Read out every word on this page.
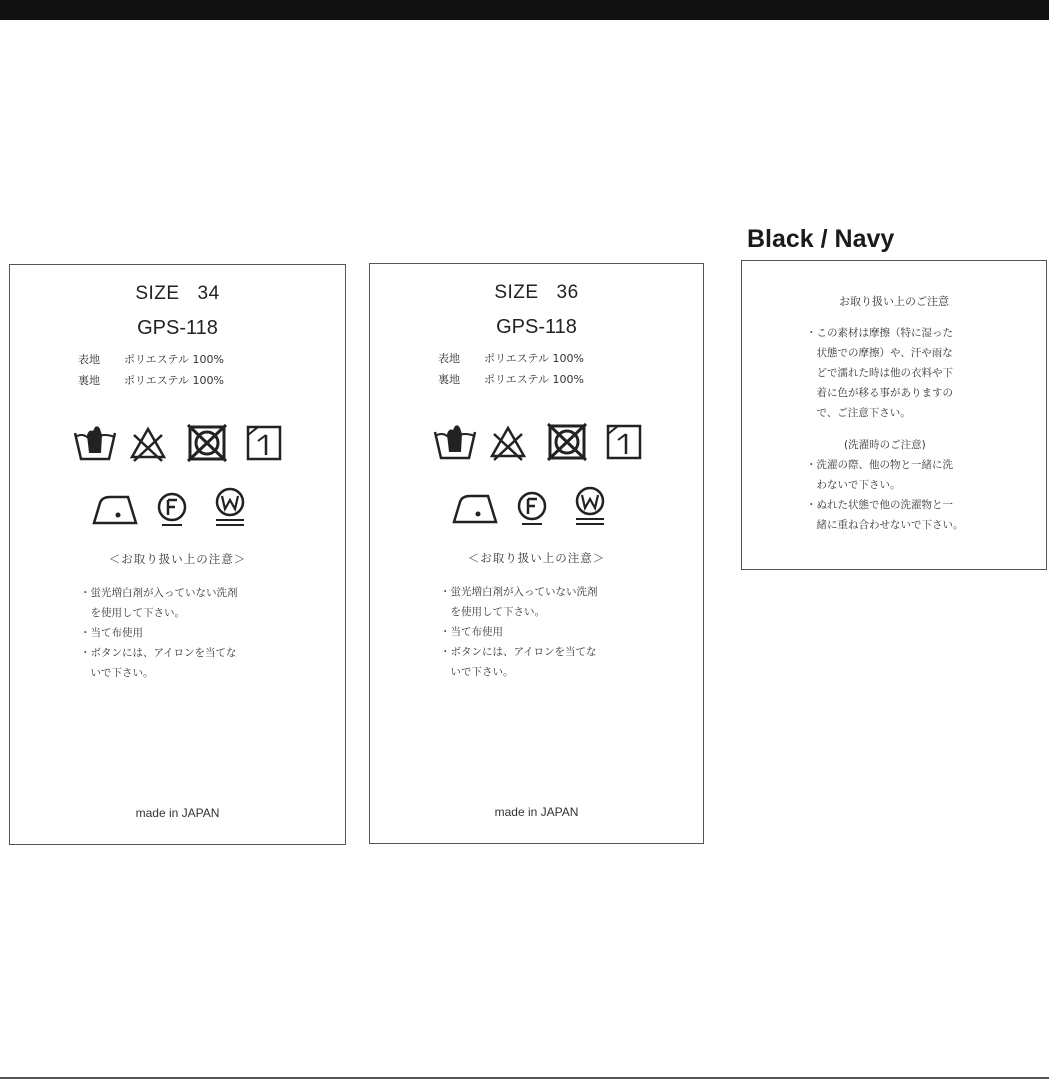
SIZE 34
GPS-118
表地 ポリエステル 100%
裏地 ポリエステル 100%
＜お取り扱い上の注意＞
・蛍光増白剤が入っていない洗剤
　を使用して下さい。
・当て布使用
・ボタンには、アイロンを当てな
　いで下さい。
made in JAPAN
SIZE 36
GPS-118
表地 ポリエステル 100%
裏地 ポリエステル 100%
＜お取り扱い上の注意＞
・蛍光増白剤が入っていない洗剤
　を使用して下さい。
・当て布使用
・ボタンには、アイロンを当てな
　いで下さい。
made in JAPAN
Black / Navy
お取り扱い上のご注意
・この素材は摩擦（特に湿った
　状態での摩擦）や、汗や雨な
　どで濡れた時は他の衣料や下
　着に色が移る事がありますの
　で、ご注意下さい。
(洗濯時のご注意)
・洗濯の際、他の物と一緒に洗
　わないで下さい。
・ぬれた状態で他の洗濯物と一
　緒に重ね合わせないで下さい。
